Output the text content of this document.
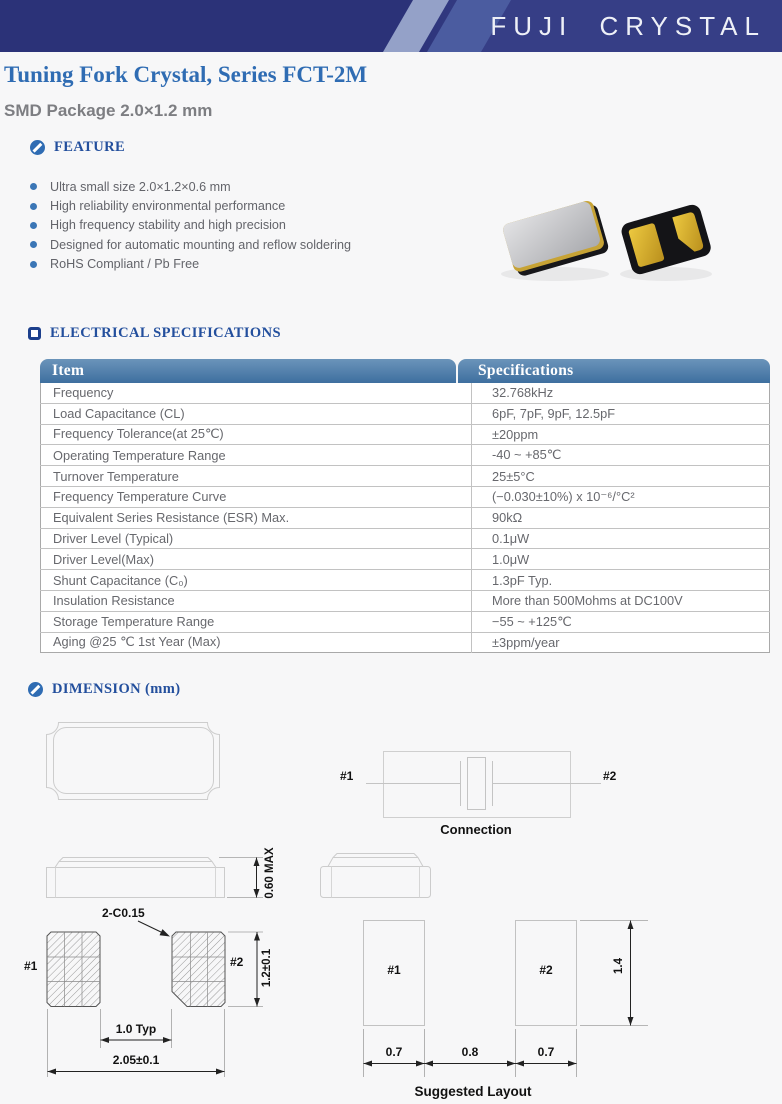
FUJI CRYSTAL
Tuning Fork Crystal, Series FCT-2M
SMD Package 2.0×1.2 mm
FEATURE
Ultra small size 2.0×1.2×0.6 mm
High reliability environmental performance
High frequency stability and high precision
Designed for automatic mounting and reflow soldering
RoHS Compliant / Pb Free
ELECTRICAL SPECIFICATIONS
Item	Specifications
Frequency	32.768kHz
Load Capacitance (CL)	6pF, 7pF, 9pF, 12.5pF
Frequency Tolerance(at 25℃)	±20ppm
Operating Temperature Range	-40 ~ +85℃
Turnover Temperature	25±5°C
Frequency Temperature Curve	(−0.030±10%) x 10⁻⁶/°C²
Equivalent Series Resistance (ESR) Max.	90kΩ
Driver Level (Typical)	0.1μW
Driver Level(Max)	1.0μW
Shunt Capacitance (C₀)	1.3pF Typ.
Insulation Resistance	More than 500Mohms at DC100V
Storage Temperature Range	−55 ~ +125℃
Aging @25 ℃ 1st Year (Max)	±3ppm/year
DIMENSION (mm)
#1	#2
Connection
0.60 MAX
2-C0.15
#1	#2 1.2±0.1
1.0 Typ
2.05±0.1
#1	#2	1.4
0.7	0.8	0.7
Suggested Layout
